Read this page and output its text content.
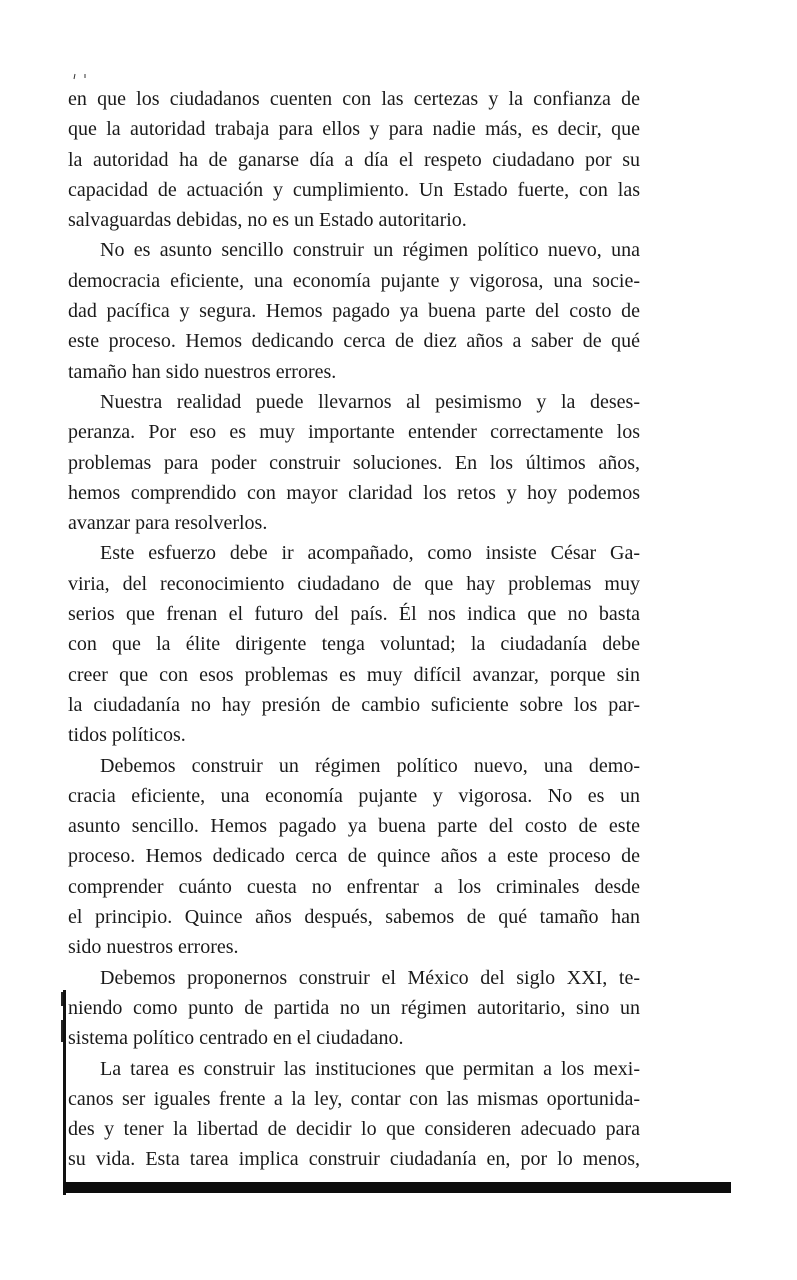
en que los ciudadanos cuenten con las certezas y la confianza de
que la autoridad trabaja para ellos y para nadie más, es decir, que
la autoridad ha de ganarse día a día el respeto ciudadano por su
capacidad de actuación y cumplimiento. Un Estado fuerte, con las
salvaguardas debidas, no es un Estado autoritario.
No es asunto sencillo construir un régimen político nuevo, una
democracia eficiente, una economía pujante y vigorosa, una socie-
dad pacífica y segura. Hemos pagado ya buena parte del costo de
este proceso. Hemos dedicando cerca de diez años a saber de qué
tamaño han sido nuestros errores.
Nuestra realidad puede llevarnos al pesimismo y la deses-
peranza. Por eso es muy importante entender correctamente los
problemas para poder construir soluciones. En los últimos años,
hemos comprendido con mayor claridad los retos y hoy podemos
avanzar para resolverlos.
Este esfuerzo debe ir acompañado, como insiste César Ga-
viria, del reconocimiento ciudadano de que hay problemas muy
serios que frenan el futuro del país. Él nos indica que no basta
con que la élite dirigente tenga voluntad; la ciudadanía debe
creer que con esos problemas es muy difícil avanzar, porque sin
la ciudadanía no hay presión de cambio suficiente sobre los par-
tidos políticos.
Debemos construir un régimen político nuevo, una demo-
cracia eficiente, una economía pujante y vigorosa. No es un
asunto sencillo. Hemos pagado ya buena parte del costo de este
proceso. Hemos dedicado cerca de quince años a este proceso de
comprender cuánto cuesta no enfrentar a los criminales desde
el principio. Quince años después, sabemos de qué tamaño han
sido nuestros errores.
Debemos proponernos construir el México del siglo XXI, te-
niendo como punto de partida no un régimen autoritario, sino un
sistema político centrado en el ciudadano.
La tarea es construir las instituciones que permitan a los mexi-
canos ser iguales frente a la ley, contar con las mismas oportunida-
des y tener la libertad de decidir lo que consideren adecuado para
su vida. Esta tarea implica construir ciudadanía en, por lo menos,
